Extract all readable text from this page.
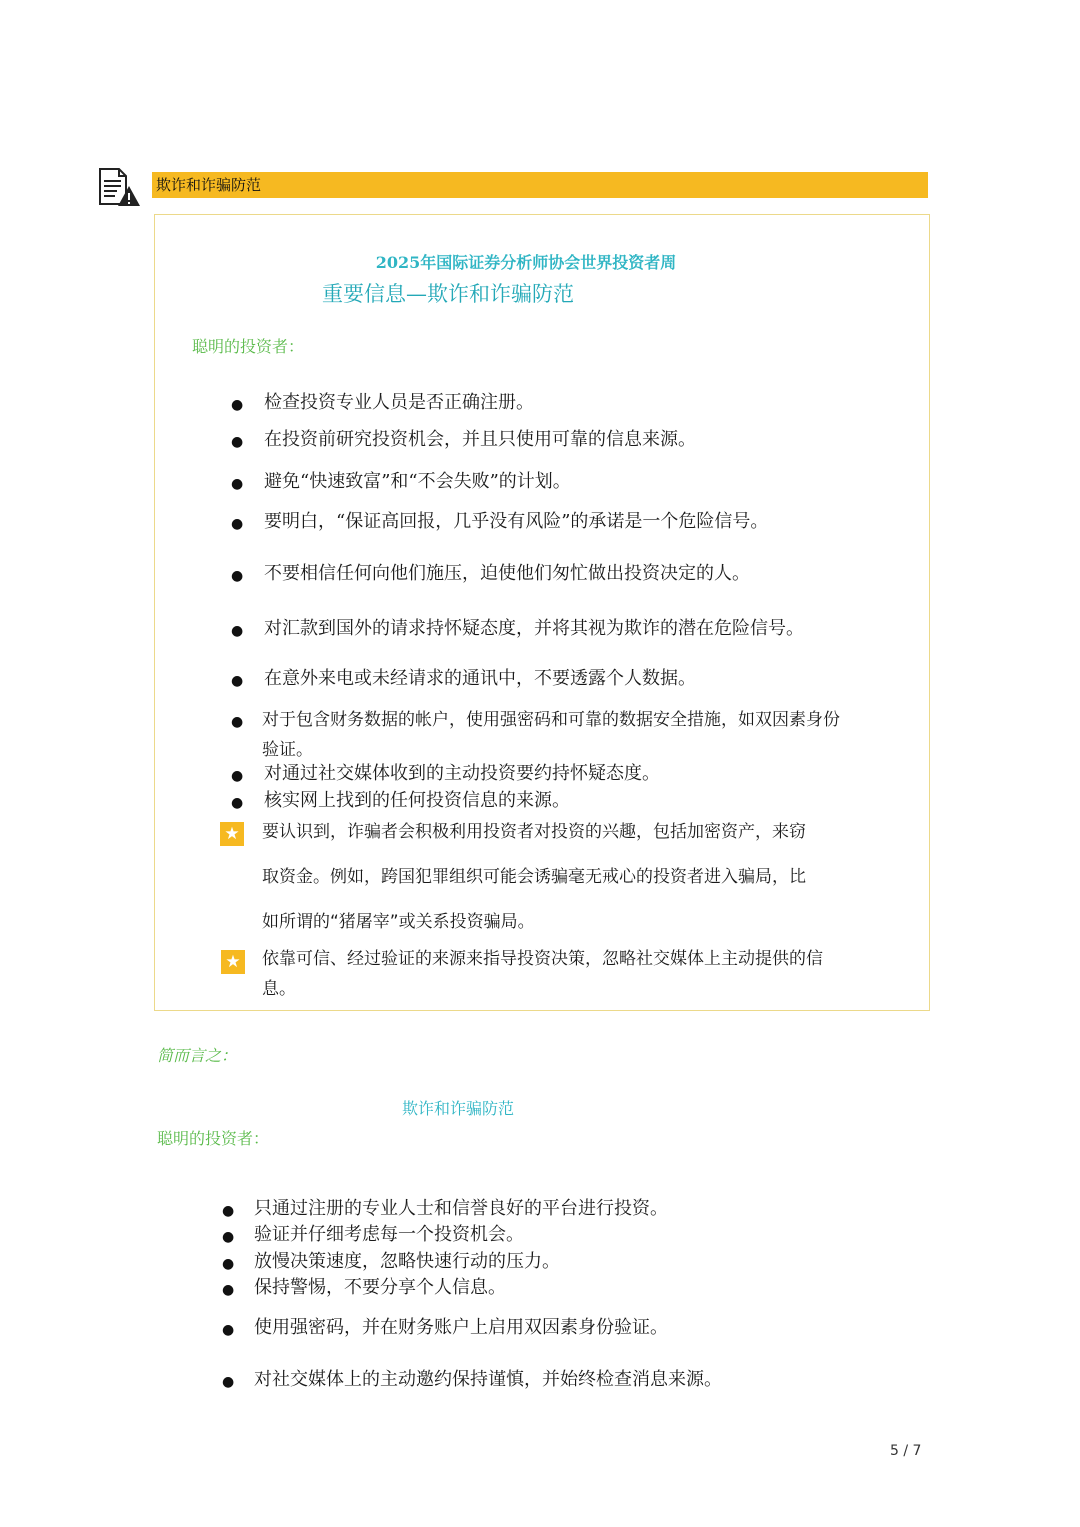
欺诈和诈骗防范
2025年国际证券分析师协会世界投资者周
重要信息—欺诈和诈骗防范
聪明的投资者：
● 检查投资专业人员是否正确注册。
● 在投资前研究投资机会，并且只使用可靠的信息来源。
● 避免“快速致富”和“不会失败”的计划。
● 要明白，“保证高回报，几乎没有风险”的承诺是一个危险信号。
● 不要相信任何向他们施压，迫使他们匆忙做出投资决定的人。
● 对汇款到国外的请求持怀疑态度，并将其视为欺诈的潜在危险信号。
● 在意外来电或未经请求的通讯中，不要透露个人数据。
● 对于包含财务数据的帐户，使用强密码和可靠的数据安全措施，如双因素身份
验证。
● 对通过社交媒体收到的主动投资要约持怀疑态度。
● 核实网上找到的任何投资信息的来源。
★ 要认识到，诈骗者会积极利用投资者对投资的兴趣，包括加密资产，来窃
取资金。例如，跨国犯罪组织可能会诱骗毫无戒心的投资者进入骗局，比
如所谓的“猪屠宰”或关系投资骗局。
★ 依靠可信、经过验证的来源来指导投资决策，忽略社交媒体上主动提供的信
息。
简而言之：
欺诈和诈骗防范
聪明的投资者：
● 只通过注册的专业人士和信誉良好的平台进行投资。
● 验证并仔细考虑每一个投资机会。
● 放慢决策速度，忽略快速行动的压力。
● 保持警惕，不要分享个人信息。
● 使用强密码，并在财务账户上启用双因素身份验证。
● 对社交媒体上的主动邀约保持谨慎，并始终检查消息来源。
5 / 7
